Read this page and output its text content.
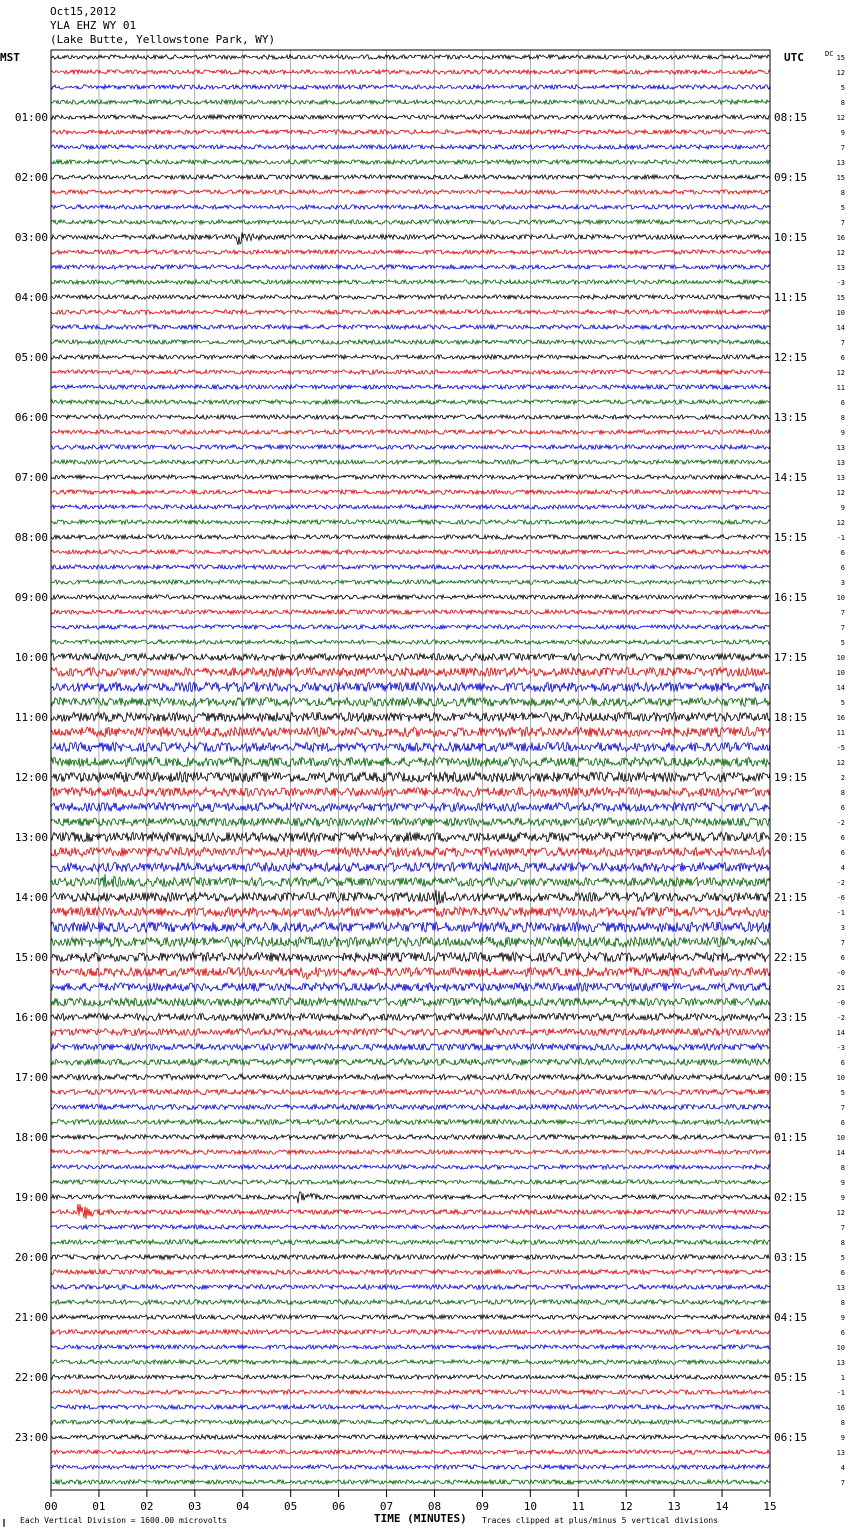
Oct15,2012
YLA EHZ WY 01
(Lake Butte, Yellowstone Park, WY)
MST	UTC	DC
00	01	02	03	04	05	06	07	08	09	10	11	12	13	14	15
15
12
5
8
12
9
7
13
15
8
5
7
16
12
13
-3
15
10
14
7
6
12
11
6
8
9
13
13
13
12
9
12
-1
6
6
3
10
7
7
5
10
10
14
5
16
11
-5
12
2
8
6
-2
6
6
4
-2
-6
-1
3
7
6
-0
21
-0
-2
14
-3
6
10
5
7
6
10
14
8
9
9
12
7
8
5
6
13
8
9
6
10
13
1
-1
16
8
9
13
4
7
01:00	08:15
02:00	09:15
03:00	10:15
04:00	11:15
05:00	12:15
06:00	13:15
07:00	14:15
08:00	15:15
09:00	16:15
10:00	17:15
11:00	18:15
12:00	19:15
13:00	20:15
14:00	21:15
15:00	22:15
16:00	23:15
17:00	00:15
18:00	01:15
19:00	02:15
20:00	03:15
21:00	04:15
22:00	05:15
23:00	06:15
∥ Each Vertical Division = 1600.00 microvolts	TIME (MINUTES) Traces clipped at plus/minus 5 vertical divisions
